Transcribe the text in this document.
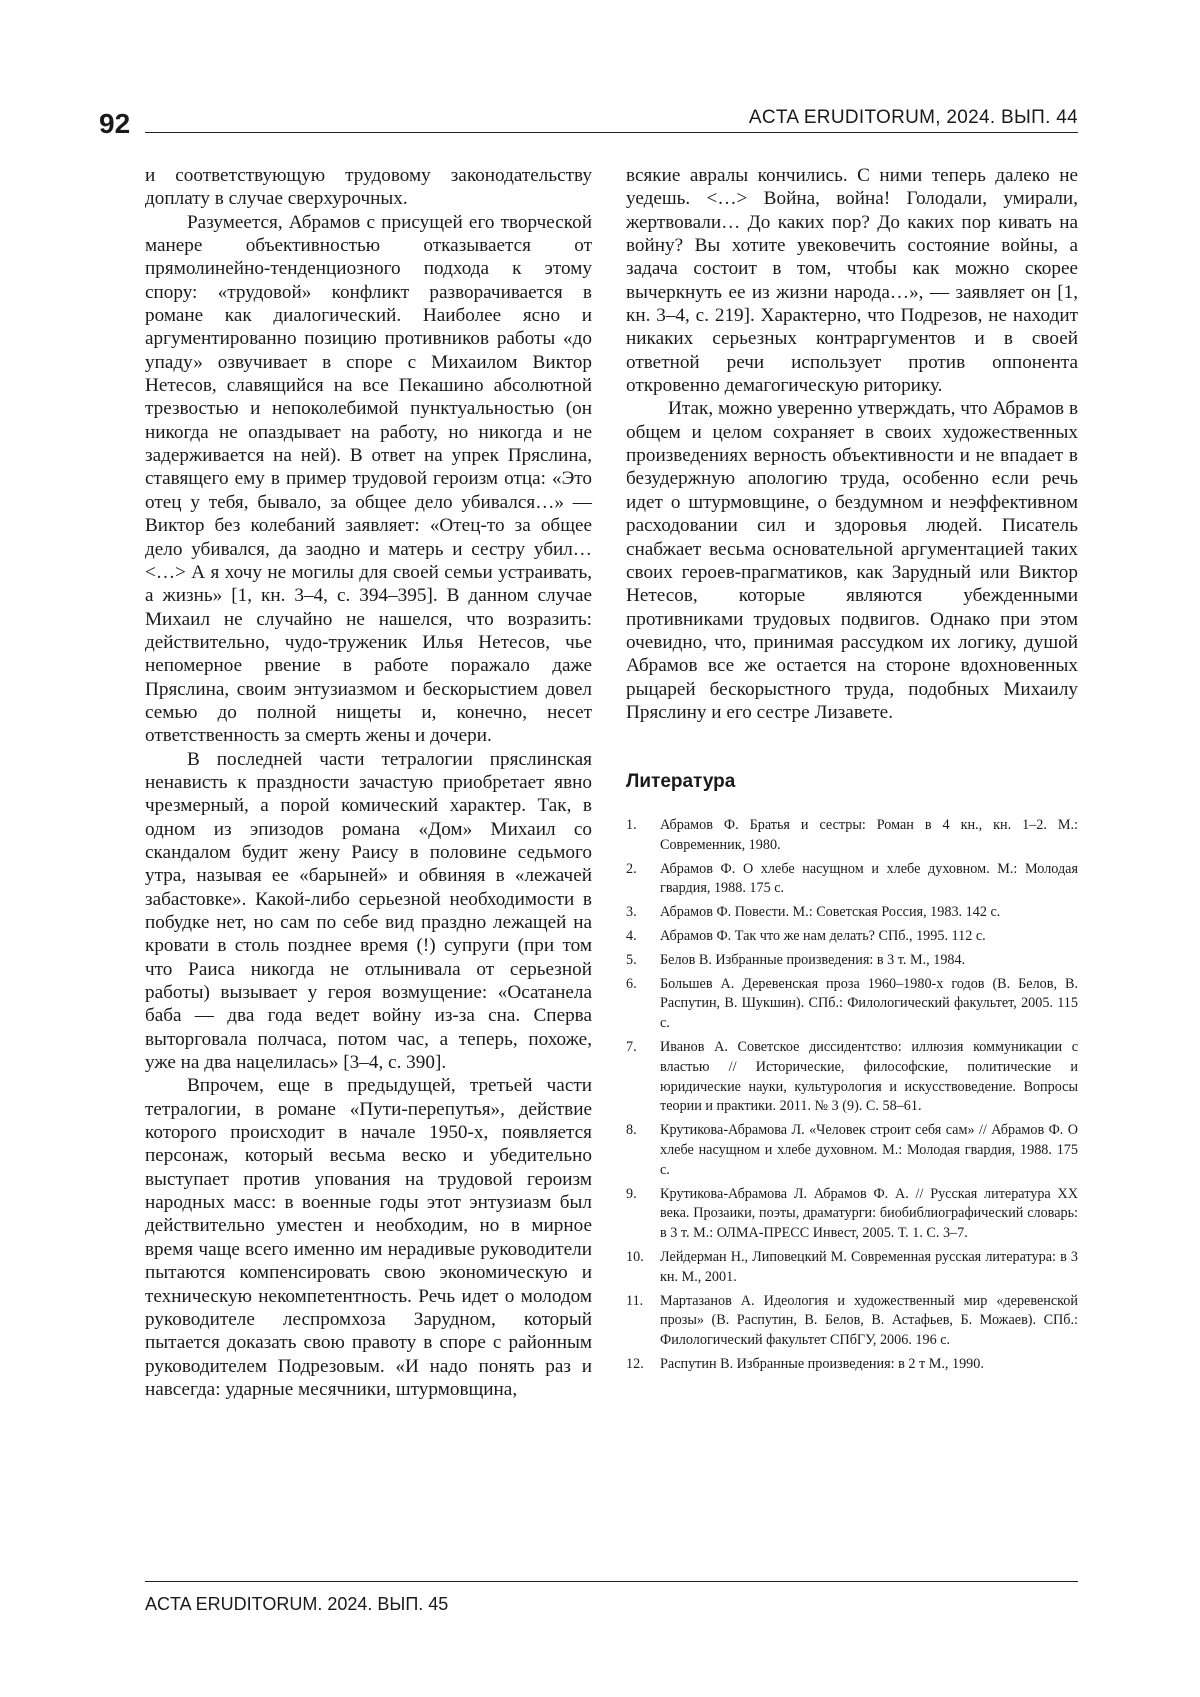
92	ACTA ERUDITORUM, 2024. ВЫП. 44

и соответствующую трудовому законодательству доплату в случае сверхурочных.

Разумеется, Абрамов с присущей его творческой манере объективностью отказывается от прямолинейно-тенденциозного подхода к этому спору: «трудовой» конфликт разворачивается в романе как диалогический. Наиболее ясно и аргументированно позицию противников работы «до упаду» озвучивает в споре с Михаилом Виктор Нетесов, славящийся на все Пекашино абсолютной трезвостью и непоколебимой пунктуальностью (он никогда не опаздывает на работу, но никогда и не задерживается на ней). В ответ на упрек Пряслина, ставящего ему в пример трудовой героизм отца: «Это отец у тебя, бывало, за общее дело убивался…» — Виктор без колебаний заявляет: «Отец-то за общее дело убивался, да заодно и матерь и сестру убил… <…> А я хочу не могилы для своей семьи устраивать, а жизнь» [1, кн. 3–4, с. 394–395]. В данном случае Михаил не случайно не нашелся, что возразить: действительно, чудо-труженик Илья Нетесов, чье непомерное рвение в работе поражало даже Пряслина, своим энтузиазмом и бескорыстием довел семью до полной нищеты и, конечно, несет ответственность за смерть жены и дочери.

В последней части тетралогии пряслинская ненависть к праздности зачастую приобретает явно чрезмерный, а порой комический характер. Так, в одном из эпизодов романа «Дом» Михаил со скандалом будит жену Раису в половине седьмого утра, называя ее «барыней» и обвиняя в «лежачей забастовке». Какой-либо серьезной необходимости в побудке нет, но сам по себе вид праздно лежащей на кровати в столь позднее время (!) супруги (при том что Раиса никогда не отлынивала от серьезной работы) вызывает у героя возмущение: «Осатанела баба — два года ведет войну из-за сна. Сперва выторговала полчаса, потом час, а теперь, похоже, уже на два нацелилась» [3–4, с. 390].

Впрочем, еще в предыдущей, третьей части тетралогии, в романе «Пути-перепутья», действие которого происходит в начале 1950-х, появляется персонаж, который весьма веско и убедительно выступает против упования на трудовой героизм народных масс: в военные годы этот энтузиазм был действительно уместен и необходим, но в мирное время чаще всего именно им нерадивые руководители пытаются компенсировать свою экономическую и техническую некомпетентность. Речь идет о молодом руководителе леспромхоза Зарудном, который пытается доказать свою правоту в споре с районным руководителем Подрезовым. «И надо понять раз и навсегда: ударные месячники, штурмовщина,

всякие авралы кончились. С ними теперь далеко не уедешь. <…> Война, война! Голодали, умирали, жертвовали… До каких пор? До каких пор кивать на войну? Вы хотите увековечить состояние войны, а задача состоит в том, чтобы как можно скорее вычеркнуть ее из жизни народа…», — заявляет он [1, кн. 3–4, с. 219]. Характерно, что Подрезов, не находит никаких серьезных контраргументов и в своей ответной речи использует против оппонента откровенно демагогическую риторику.

Итак, можно уверенно утверждать, что Абрамов в общем и целом сохраняет в своих художественных произведениях верность объективности и не впадает в безудержную апологию труда, особенно если речь идет о штурмовщине, о бездумном и неэффективном расходовании сил и здоровья людей. Писатель снабжает весьма основательной аргументацией таких своих героев-прагматиков, как Зарудный или Виктор Нетесов, которые являются убежденными противниками трудовых подвигов. Однако при этом очевидно, что, принимая рассудком их логику, душой Абрамов все же остается на стороне вдохновенных рыцарей бескорыстного труда, подобных Михаилу Пряслину и его сестре Лизавете.

Литература
1.	Абрамов Ф. Братья и сестры: Роман в 4 кн., кн. 1–2. М.: Современник, 1980.
2.	Абрамов Ф. О хлебе насущном и хлебе духовном. М.: Молодая гвардия, 1988. 175 с.
3.	Абрамов Ф. Повести. М.: Советская Россия, 1983. 142 с.
4.	Абрамов Ф. Так что же нам делать? СПб., 1995. 112 с.
5.	Белов В. Избранные произведения: в 3 т. М., 1984.
6.	Большев А. Деревенская проза 1960–1980-х годов (В. Белов, В. Распутин, В. Шукшин). СПб.: Филологический факультет, 2005. 115 с.
7.	Иванов А. Советское диссидентство: иллюзия коммуникации с властью // Исторические, философские, политические и юридические науки, культурология и искусствоведение. Вопросы теории и практики. 2011. № 3 (9). С. 58–61.
8.	Крутикова-Абрамова Л. «Человек строит себя сам» // Абрамов Ф. О хлебе насущном и хлебе духовном. М.: Молодая гвардия, 1988. 175 с.
9.	Крутикова-Абрамова Л. Абрамов Ф. А. // Русская литература ХХ века. Прозаики, поэты, драматурги: биобиблиографический словарь: в 3 т. М.: ОЛМА-ПРЕСС Инвест, 2005. Т. 1. С. 3–7.
10.	Лейдерман Н., Липовецкий М. Современная русская литература: в 3 кн. М., 2001.
11.	Мартазанов А. Идеология и художественный мир «деревенской прозы» (В. Распутин, В. Белов, В. Астафьев, Б. Можаев). СПб.: Филологический факультет СПбГУ, 2006. 196 с.
12.	Распутин В. Избранные произведения: в 2 т М., 1990.
ACTA ERUDITORUM. 2024. ВЫП. 45
